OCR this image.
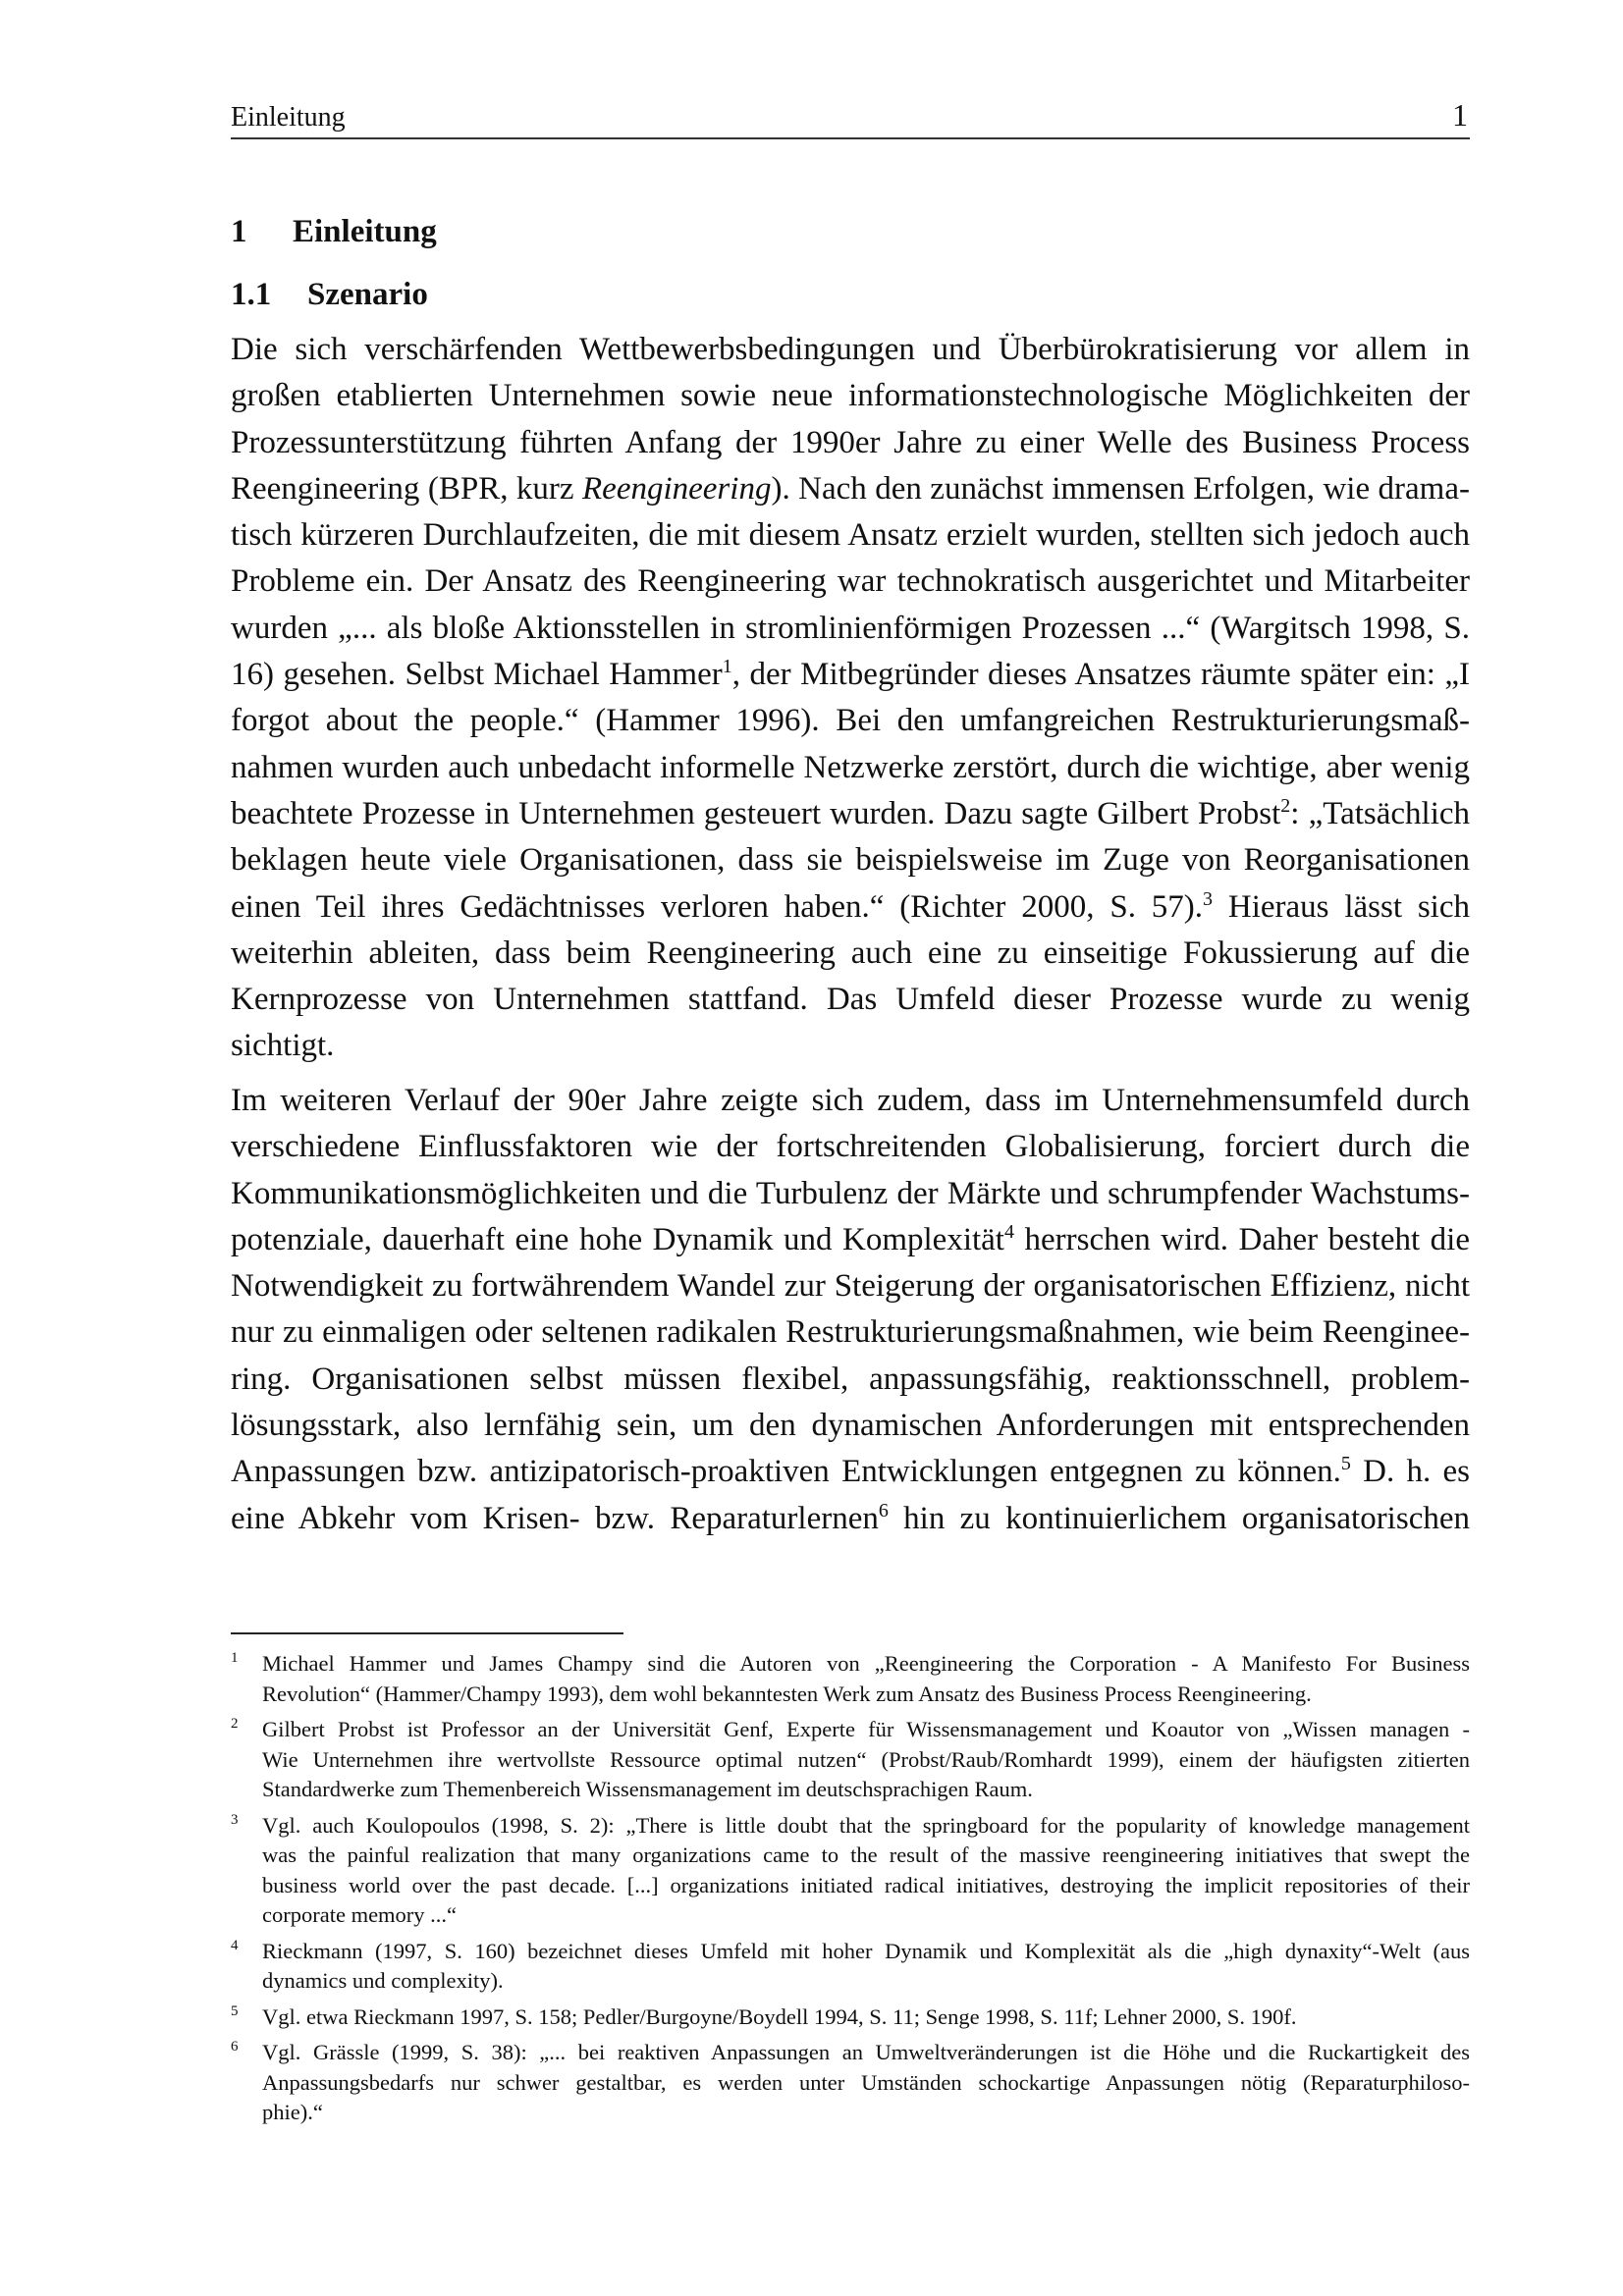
Einleitung	1
1 Einleitung
1.1 Szenario
Die sich verschärfenden Wettbewerbsbedingungen und Überbürokratisierung vor allem in
großen etablierten Unternehmen sowie neue informationstechnologische Möglichkeiten der
Prozessunterstützung führten Anfang der 1990er Jahre zu einer Welle des Business Process
Reengineering (BPR, kurz Reengineering). Nach den zunächst immensen Erfolgen, wie drama-
tisch kürzeren Durchlaufzeiten, die mit diesem Ansatz erzielt wurden, stellten sich jedoch auch
Probleme ein. Der Ansatz des Reengineering war technokratisch ausgerichtet und Mitarbeiter
wurden „... als bloße Aktionsstellen in stromlinienförmigen Prozessen ...“ (Wargitsch 1998, S.
16) gesehen. Selbst Michael Hammer$^1$, der Mitbegründer dieses Ansatzes räumte später ein: „I
forgot about the people.“ (Hammer 1996). Bei den umfangreichen Restrukturierungsmaß-
nahmen wurden auch unbedacht informelle Netzwerke zerstört, durch die wichtige, aber wenig
beachtete Prozesse in Unternehmen gesteuert wurden. Dazu sagte Gilbert Probst$^2$: „Tatsächlich
beklagen heute viele Organisationen, dass sie beispielsweise im Zuge von Reorganisationen
einen Teil ihres Gedächtnisses verloren haben.“ (Richter 2000, S. 57).$^3$ Hieraus lässt sich
weiterhin ableiten, dass beim Reengineering auch eine zu einseitige Fokussierung auf die
Kernprozesse von Unternehmen stattfand. Das Umfeld dieser Prozesse wurde zu wenig
sichtigt.
Im weiteren Verlauf der 90er Jahre zeigte sich zudem, dass im Unternehmensumfeld durch
verschiedene Einflussfaktoren wie der fortschreitenden Globalisierung, forciert durch die
Kommunikationsmöglichkeiten und die Turbulenz der Märkte und schrumpfender Wachstums-
potenziale, dauerhaft eine hohe Dynamik und Komplexität$^4$ herrschen wird. Daher besteht die
Notwendigkeit zu fortwährendem Wandel zur Steigerung der organisatorischen Effizienz, nicht
nur zu einmaligen oder seltenen radikalen Restrukturierungsmaßnahmen, wie beim Reenginee-
ring. Organisationen selbst müssen flexibel, anpassungsfähig, reaktionsschnell, problem-
lösungsstark, also lernfähig sein, um den dynamischen Anforderungen mit entsprechenden
Anpassungen bzw. antizipatorisch-proaktiven Entwicklungen entgegnen zu können.$^5$ D. h. es
eine Abkehr vom Krisen- bzw. Reparaturlernen$^6$ hin zu kontinuierlichem organisatorischen
1 Michael Hammer und James Champy sind die Autoren von „Reengineering the Corporation - A Manifesto For Business
Revolution“ (Hammer/Champy 1993), dem wohl bekanntesten Werk zum Ansatz des Business Process Reengineering.
2 Gilbert Probst ist Professor an der Universität Genf, Experte für Wissensmanagement und Koautor von „Wissen managen -
Wie Unternehmen ihre wertvollste Ressource optimal nutzen“ (Probst/Raub/Romhardt 1999), einem der häufigsten zitierten
Standardwerke zum Themenbereich Wissensmanagement im deutschsprachigen Raum.
3 Vgl. auch Koulopoulos (1998, S. 2): „There is little doubt that the springboard for the popularity of knowledge management
was the painful realization that many organizations came to the result of the massive reengineering initiatives that swept the
business world over the past decade. [...] organizations initiated radical initiatives, destroying the implicit repositories of their
corporate memory ...“
4 Rieckmann (1997, S. 160) bezeichnet dieses Umfeld mit hoher Dynamik und Komplexität als die „high dynaxity“-Welt (aus
dynamics und complexity).
5 Vgl. etwa Rieckmann 1997, S. 158; Pedler/Burgoyne/Boydell 1994, S. 11; Senge 1998, S. 11f; Lehner 2000, S. 190f.
6 Vgl. Grässle (1999, S. 38): „... bei reaktiven Anpassungen an Umweltveränderungen ist die Höhe und die Ruckartigkeit des
Anpassungsbedarfs nur schwer gestaltbar, es werden unter Umständen schockartige Anpassungen nötig (Reparaturphiloso-
phie).“
